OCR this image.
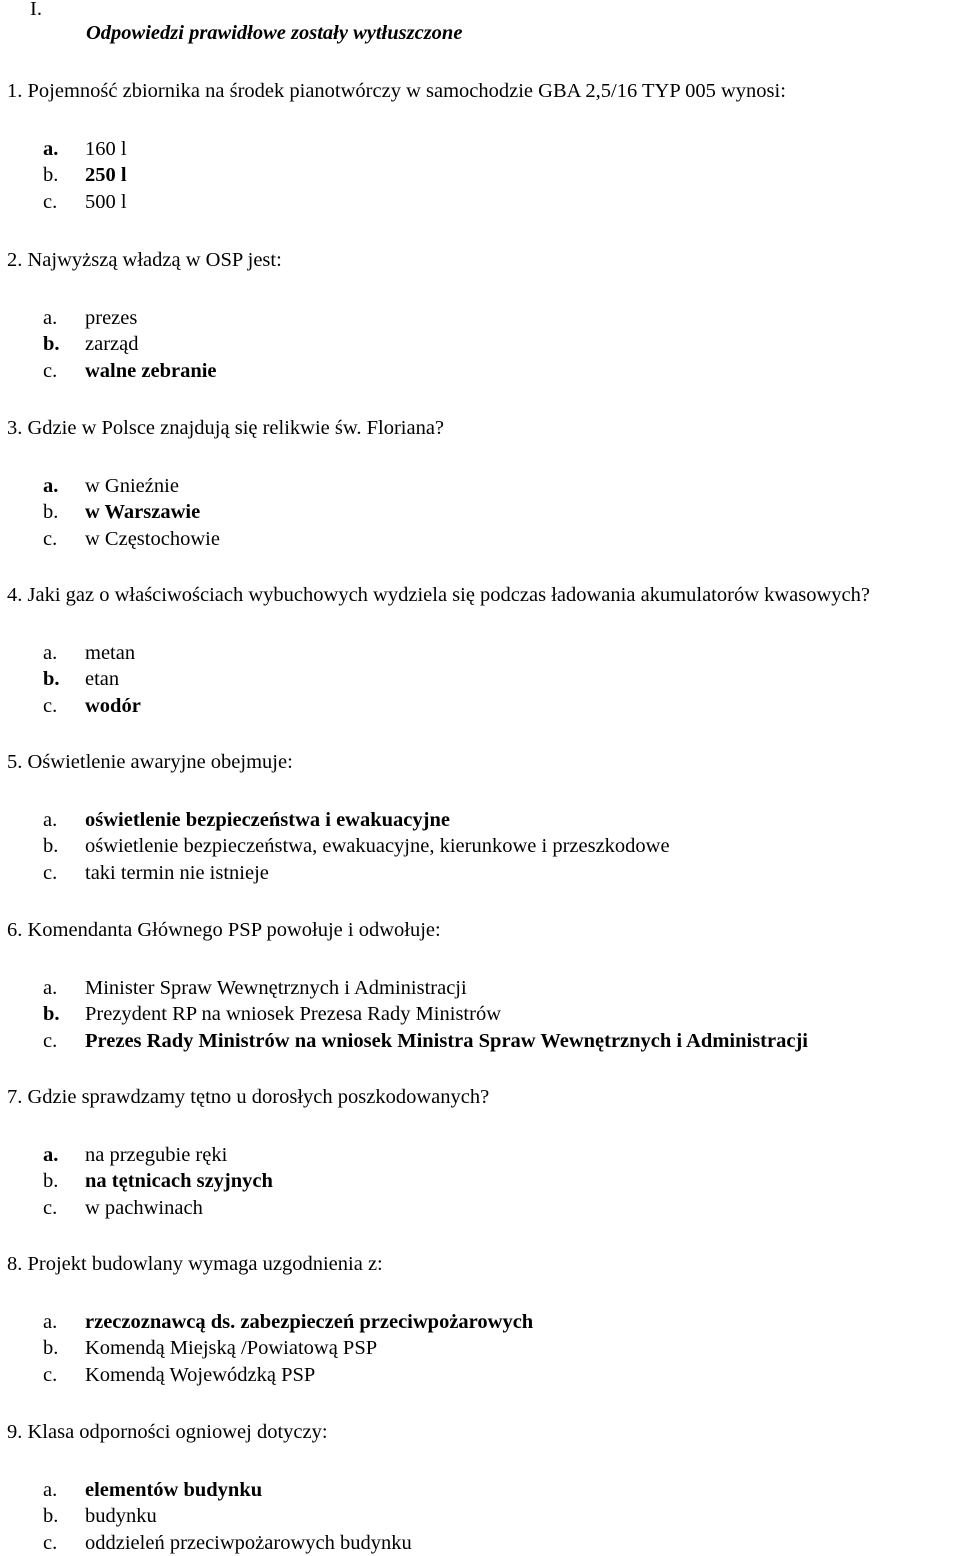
I.
Odpowiedzi prawidłowe zostały wytłuszczone
1. Pojemność zbiornika na środek pianotwórczy w samochodzie GBA 2,5/16 TYP 005 wynosi:
a. 160 l
b. 250 l
c. 500 l
2. Najwyższą władzą w OSP jest:
a. prezes
b. zarząd
c. walne zebranie
3. Gdzie w Polsce znajdują się relikwie św. Floriana?
a. w Gnieźnie
b. w Warszawie
c. w Częstochowie
4. Jaki gaz o właściwościach wybuchowych wydziela się podczas ładowania akumulatorów kwasowych?
a. metan
b. etan
c. wodór
5. Oświetlenie awaryjne obejmuje:
a. oświetlenie bezpieczeństwa i ewakuacyjne
b. oświetlenie bezpieczeństwa, ewakuacyjne, kierunkowe i przeszkodowe
c. taki termin nie istnieje
6. Komendanta Głównego PSP powołuje i odwołuje:
a. Minister Spraw Wewnętrznych i Administracji
b. Prezydent RP na wniosek Prezesa Rady Ministrów
c. Prezes Rady Ministrów na wniosek Ministra Spraw Wewnętrznych i Administracji
7. Gdzie sprawdzamy tętno u dorosłych poszkodowanych?
a. na przegubie ręki
b. na tętnicach szyjnych
c. w pachwinach
8. Projekt budowlany wymaga uzgodnienia z:
a. rzeczoznawcą ds. zabezpieczeń przeciwpożarowych
b. Komendą Miejską /Powiatową PSP
c. Komendą Wojewódzką PSP
9. Klasa odporności ogniowej dotyczy:
a. elementów budynku
b. budynku
c. oddzieleń przeciwpożarowych budynku
